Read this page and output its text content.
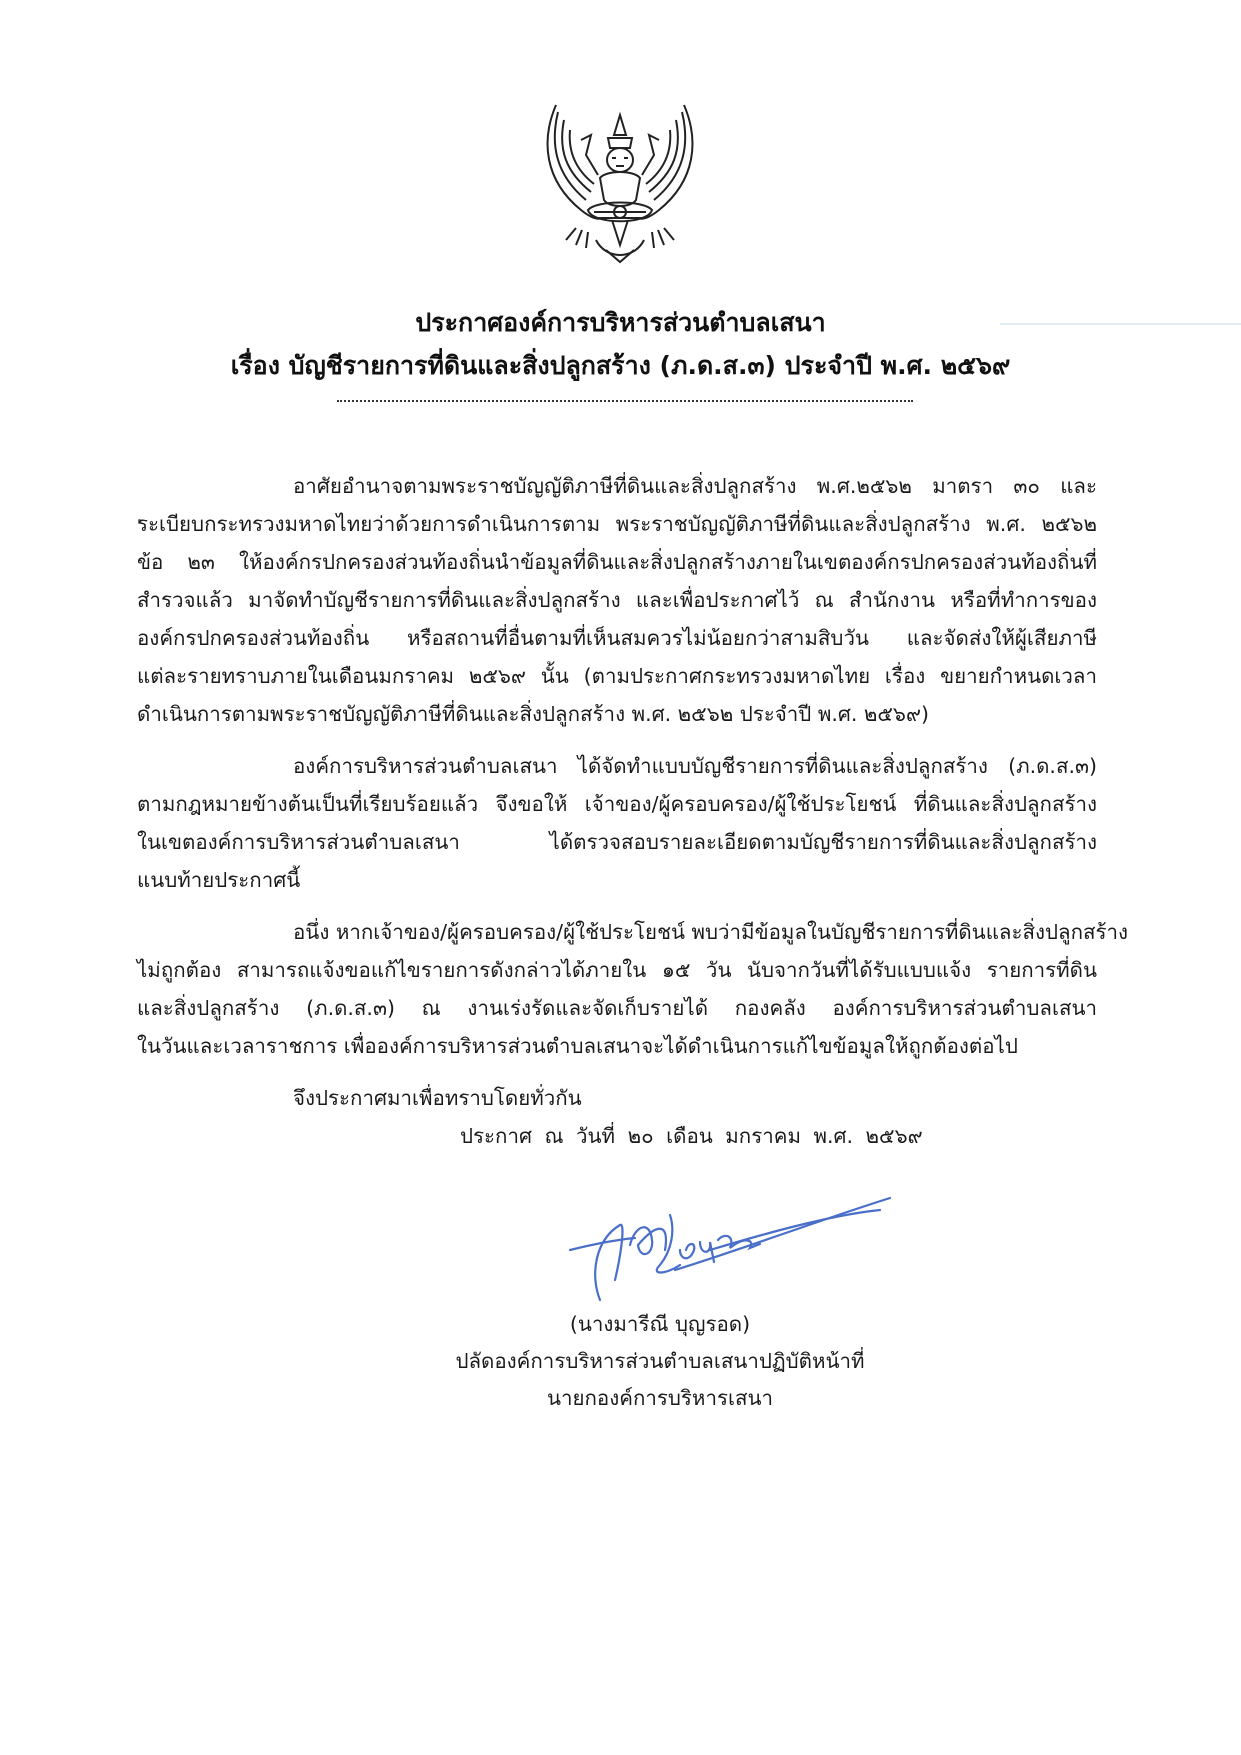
ประกาศองค์การบริหารส่วนตำบลเสนา
เรื่อง บัญชีรายการที่ดินและสิ่งปลูกสร้าง (ภ.ด.ส.๓) ประจำปี พ.ศ. ๒๕๖๙
อาศัยอำนาจตามพระราชบัญญัติภาษีที่ดินและสิ่งปลูกสร้าง พ.ศ.๒๕๖๒ มาตรา ๓๐ และ
ระเบียบกระทรวงมหาดไทยว่าด้วยการดำเนินการตาม พระราชบัญญัติภาษีที่ดินและสิ่งปลูกสร้าง พ.ศ. ๒๕๖๒
ข้อ ๒๓ ให้องค์กรปกครองส่วนท้องถิ่นนำข้อมูลที่ดินและสิ่งปลูกสร้างภายในเขตองค์กรปกครองส่วนท้องถิ่นที่
สำรวจแล้ว มาจัดทำบัญชีรายการที่ดินและสิ่งปลูกสร้าง และเพื่อประกาศไว้ ณ สำนักงาน หรือที่ทำการของ
องค์กรปกครองส่วนท้องถิ่น หรือสถานที่อื่นตามที่เห็นสมควรไม่น้อยกว่าสามสิบวัน และจัดส่งให้ผู้เสียภาษี
แต่ละรายทราบภายในเดือนมกราคม ๒๕๖๙ นั้น (ตามประกาศกระทรวงมหาดไทย เรื่อง ขยายกำหนดเวลา
ดำเนินการตามพระราชบัญญัติภาษีที่ดินและสิ่งปลูกสร้าง พ.ศ. ๒๕๖๒ ประจำปี พ.ศ. ๒๕๖๙)
องค์การบริหารส่วนตำบลเสนา ได้จัดทำแบบบัญชีรายการที่ดินและสิ่งปลูกสร้าง (ภ.ด.ส.๓)
ตามกฎหมายข้างต้นเป็นที่เรียบร้อยแล้ว จึงขอให้ เจ้าของ/ผู้ครอบครอง/ผู้ใช้ประโยชน์ ที่ดินและสิ่งปลูกสร้าง
ในเขตองค์การบริหารส่วนตำบลเสนา ได้ตรวจสอบรายละเอียดตามบัญชีรายการที่ดินและสิ่งปลูกสร้าง
แนบท้ายประกาศนี้
อนึ่ง หากเจ้าของ/ผู้ครอบครอง/ผู้ใช้ประโยชน์ พบว่ามีข้อมูลในบัญชีรายการที่ดินและสิ่งปลูกสร้าง
ไม่ถูกต้อง สามารถแจ้งขอแก้ไขรายการดังกล่าวได้ภายใน ๑๕ วัน นับจากวันที่ได้รับแบบแจ้ง รายการที่ดิน
และสิ่งปลูกสร้าง (ภ.ด.ส.๓) ณ งานเร่งรัดและจัดเก็บรายได้ กองคลัง องค์การบริหารส่วนตำบลเสนา
ในวันและเวลาราชการ เพื่อองค์การบริหารส่วนตำบลเสนาจะได้ดำเนินการแก้ไขข้อมูลให้ถูกต้องต่อไป
จึงประกาศมาเพื่อทราบโดยทั่วกัน
ประกาศ ณ วันที่ ๒๐ เดือน มกราคม พ.ศ. ๒๕๖๙
(นางมารีณี บุญรอด)
ปลัดองค์การบริหารส่วนตำบลเสนาปฏิบัติหน้าที่
นายกองค์การบริหารเสนา
